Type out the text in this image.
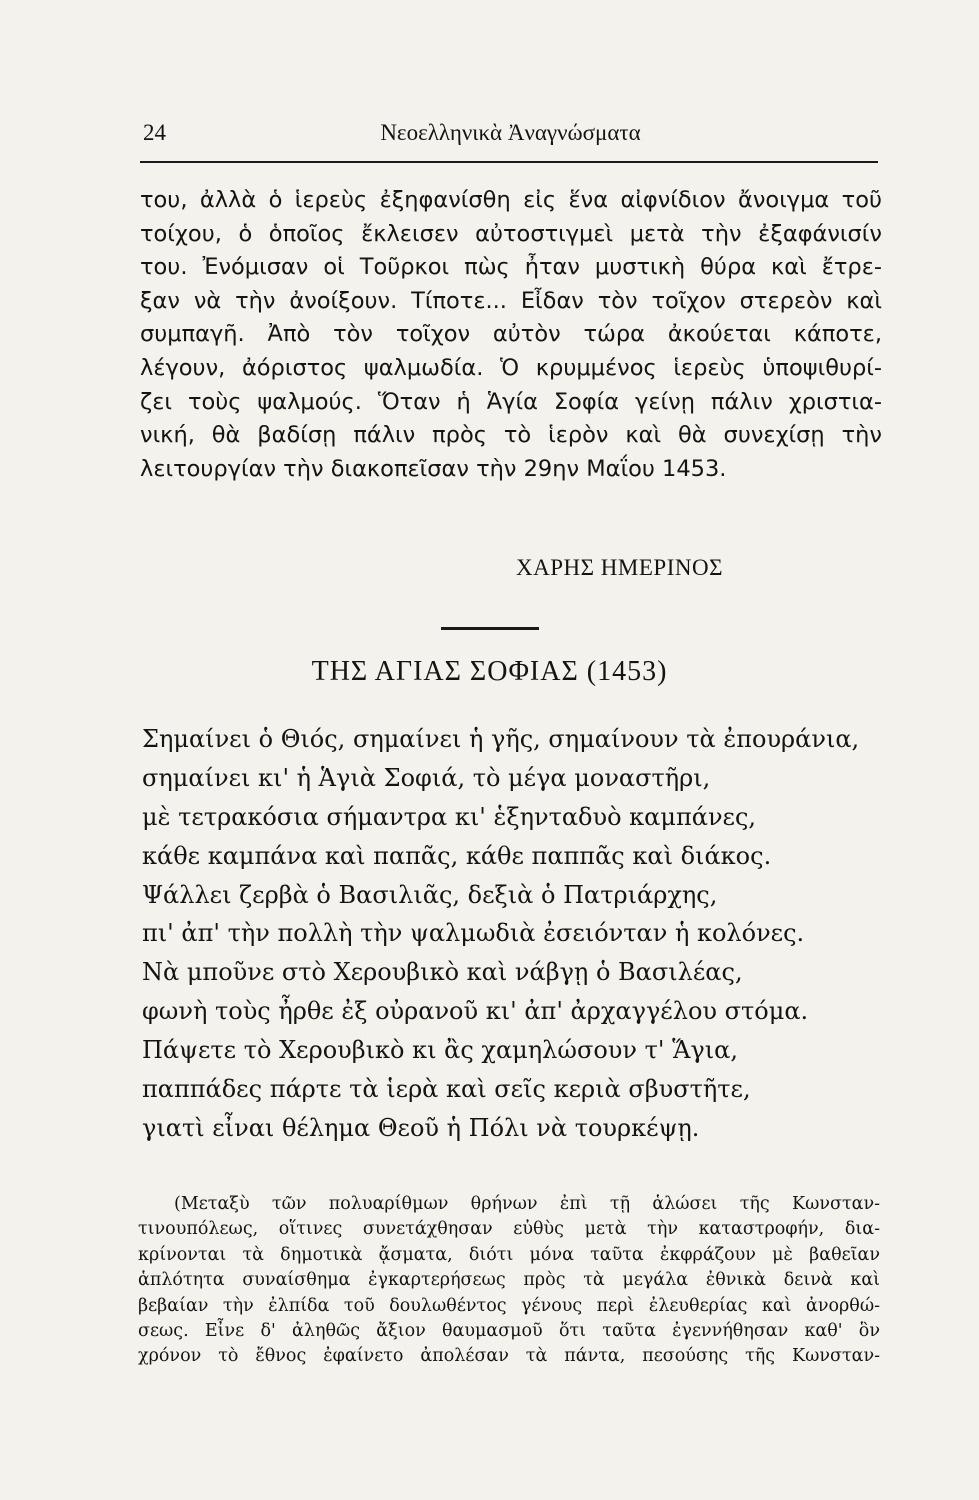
24	Νεοελληνικὰ Ἀναγνώσματα
του, ἀλλὰ ὁ ἱερεὺς ἐξηφανίσθη εἰς ἕνα αἰφνίδιον ἄνοιγμα τοῦ
τοίχου, ὁ ὁποῖος ἔκλεισεν αὐτοστιγμεὶ μετὰ τὴν ἐξαφάνισίν
του. Ἐνόμισαν οἱ Τοῦρκοι πὼς ἦταν μυστικὴ θύρα καὶ ἔτρε-
ξαν νὰ τὴν ἀνοίξουν. Τίποτε... Εἶδαν τὸν τοῖχον στερεὸν καὶ
συμπαγῆ. Ἀπὸ τὸν τοῖχον αὐτὸν τώρα ἀκούεται κάποτε,
λέγουν, ἀόριστος ψαλμωδία. Ὁ κρυμμένος ἱερεὺς ὑποψιθυρί-
ζει τοὺς ψαλμούς. Ὅταν ἡ Ἁγία Σοφία γείνῃ πάλιν χριστια-
νική, θὰ βαδίσῃ πάλιν πρὸς τὸ ἱερὸν καὶ θὰ συνεχίσῃ τὴν
λειτουργίαν τὴν διακοπεῖσαν τὴν 29ην Μαΐου 1453.
ΧΑΡΗΣ ΗΜΕΡΙΝΟΣ
ΤΗΣ ΑΓΙΑΣ ΣΟΦΙΑΣ (1453)
Σημαίνει ὁ Θιός, σημαίνει ἡ γῆς, σημαίνουν τὰ ἐπουράνια,
σημαίνει κι' ἡ Ἁγιὰ Σοφιά, τὸ μέγα μοναστῆρι,
μὲ τετρακόσια σήμαντρα κι' ἑξηνταδυὸ καμπάνες,
κάθε καμπάνα καὶ παπᾶς, κάθε παππᾶς καὶ διάκος.
Ψάλλει ζερβὰ ὁ Βασιλιᾶς, δεξιὰ ὁ Πατριάρχης,
πι' ἀπ' τὴν πολλὴ τὴν ψαλμωδιὰ ἐσειόνταν ἡ κολόνες.
Νὰ μποῦνε στὸ Χερουβικὸ καὶ νάβγῃ ὁ Βασιλέας,
φωνὴ τοὺς ἦρθε ἐξ οὐρανοῦ κι' ἀπ' ἀρχαγγέλου στόμα.
Πάψετε τὸ Χερουβικὸ κι ἂς χαμηλώσουν τ' Ἅγια,
παππάδες πάρτε τὰ ἱερὰ καὶ σεῖς κεριὰ σβυστῆτε,
γιατὶ εἶναι θέλημα Θεοῦ ἡ Πόλι νὰ τουρκέψῃ.
(Μεταξὺ τῶν πολυαρίθμων θρήνων ἐπὶ τῇ ἁλώσει τῆς Κωνσταν-
τινουπόλεως, οἵτινες συνετάχθησαν εὐθὺς μετὰ τὴν καταστροφήν, δια-
κρίνονται τὰ δημοτικὰ ᾄσματα, διότι μόνα ταῦτα ἐκφράζουν μὲ βαθεῖαν
ἁπλότητα συναίσθημα ἐγκαρτερήσεως πρὸς τὰ μεγάλα ἐθνικὰ δεινὰ καὶ
βεβαίαν τὴν ἐλπίδα τοῦ δουλωθέντος γένους περὶ ἐλευθερίας καὶ ἀνορθώ-
σεως. Εἶνε δ' ἀληθῶς ἄξιον θαυμασμοῦ ὅτι ταῦτα ἐγεννήθησαν καθ' ὃν
χρόνον τὸ ἔθνος ἐφαίνετο ἀπολέσαν τὰ πάντα, πεσούσης τῆς Κωνσταν-
